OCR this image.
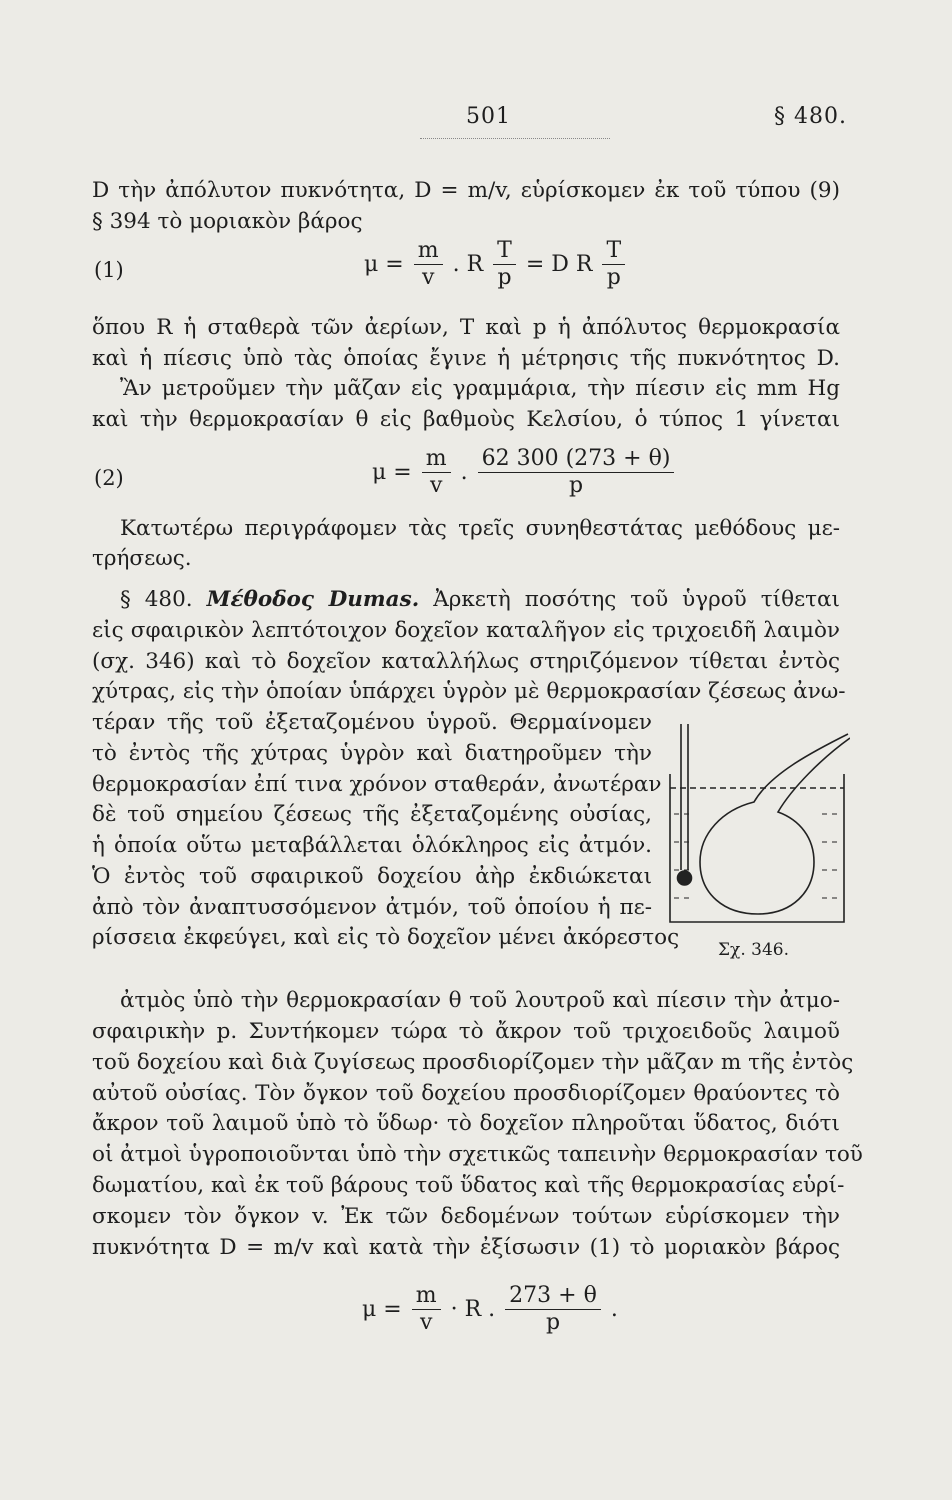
501	§ 480.
D τὴν ἀπόλυτον πυκνότητα, D = m/v, εὑρίσκομεν ἐκ τοῦ τύπου (9)
§ 394 τὸ μοριακὸν βάρος
(1)	$\mu = \frac{m}{v}$ . R $\frac{T}{p} = D$ R $\frac{T}{p}$
ὅπου R ἡ σταθερὰ τῶν ἀερίων, T καὶ p ἡ ἀπόλυτος θερμοκρασία
καὶ ἡ πίεσις ὑπὸ τὰς ὁποίας ἔγινε ἡ μέτρησις τῆς πυκνότητος D.
Ἂν μετροῦμεν τὴν μᾶζαν εἰς γραμμάρια, τὴν πίεσιν εἰς mm Hg
καὶ τὴν θερμοκρασίαν θ εἰς βαθμοὺς Κελσίου, ὁ τύπος 1 γίνεται
(2)	$\mu = \frac{m}{v}$ . $\frac{62 300 (273 + \theta)}{p}$
Κατωτέρω περιγράφομεν τὰς τρεῖς συνηθεστάτας μεθόδους με-
τρήσεως.
§ 480. Μέθοδος Dumas. Ἀρκετὴ ποσότης τοῦ ὑγροῦ τίθεται
εἰς σφαιρικὸν λεπτότοιχον δοχεῖον καταλῆγον εἰς τριχοειδῆ λαιμὸν
(σχ. 346) καὶ τὸ δοχεῖον καταλλήλως στηριζόμενον τίθεται ἐντὸς
χύτρας, εἰς τὴν ὁποίαν ὑπάρχει ὑγρὸν μὲ θερμοκρασίαν ζέσεως ἀνω-
τέραν τῆς τοῦ ἐξεταζομένου ὑγροῦ. Θερμαίνομεν
τὸ ἐντὸς τῆς χύτρας ὑγρὸν καὶ διατηροῦμεν τὴν
θερμοκρασίαν ἐπί τινα χρόνον σταθεράν, ἀνωτέραν
δὲ τοῦ σημείου ζέσεως τῆς ἐξεταζομένης οὐσίας,
ἡ ὁποία οὕτω μεταβάλλεται ὁλόκληρος εἰς ἀτμόν.
Ὁ ἐντὸς τοῦ σφαιρικοῦ δοχείου ἀὴρ ἐκδιώκεται
ἀπὸ τὸν ἀναπτυσσόμενον ἀτμόν, τοῦ ὁποίου ἡ πε-
ρίσσεια ἐκφεύγει, καὶ εἰς τὸ δοχεῖον μένει ἀκόρεστος Σχ. 346.
ἀτμὸς ὑπὸ τὴν θερμοκρασίαν θ τοῦ λουτροῦ καὶ πίεσιν τὴν ἀτμο-
σφαιρικὴν p. Συντήκομεν τώρα τὸ ἄκρον τοῦ τριχοειδοῦς λαιμοῦ
τοῦ δοχείου καὶ διὰ ζυγίσεως προσδιορίζομεν τὴν μᾶζαν m τῆς ἐντὸς
αὐτοῦ οὐσίας. Τὸν ὄγκον τοῦ δοχείου προσδιορίζομεν θραύοντες τὸ
ἄκρον τοῦ λαιμοῦ ὑπὸ τὸ ὕδωρ· τὸ δοχεῖον πληροῦται ὕδατος, διότι
οἱ ἀτμοὶ ὑγροποιοῦνται ὑπὸ τὴν σχετικῶς ταπεινὴν θερμοκρασίαν τοῦ
δωματίου, καὶ ἐκ τοῦ βάρους τοῦ ὕδατος καὶ τῆς θερμοκρασίας εὑρί-
σκομεν τὸν ὄγκον v. Ἐκ τῶν δεδομένων τούτων εὑρίσκομεν τὴν
πυκνότητα D = m/v καὶ κατὰ τὴν ἐξίσωσιν (1) τὸ μοριακὸν βάρος
$\mu = \frac{m}{v} \cdot R$ . $\frac{273 + \theta}{p}$ .
